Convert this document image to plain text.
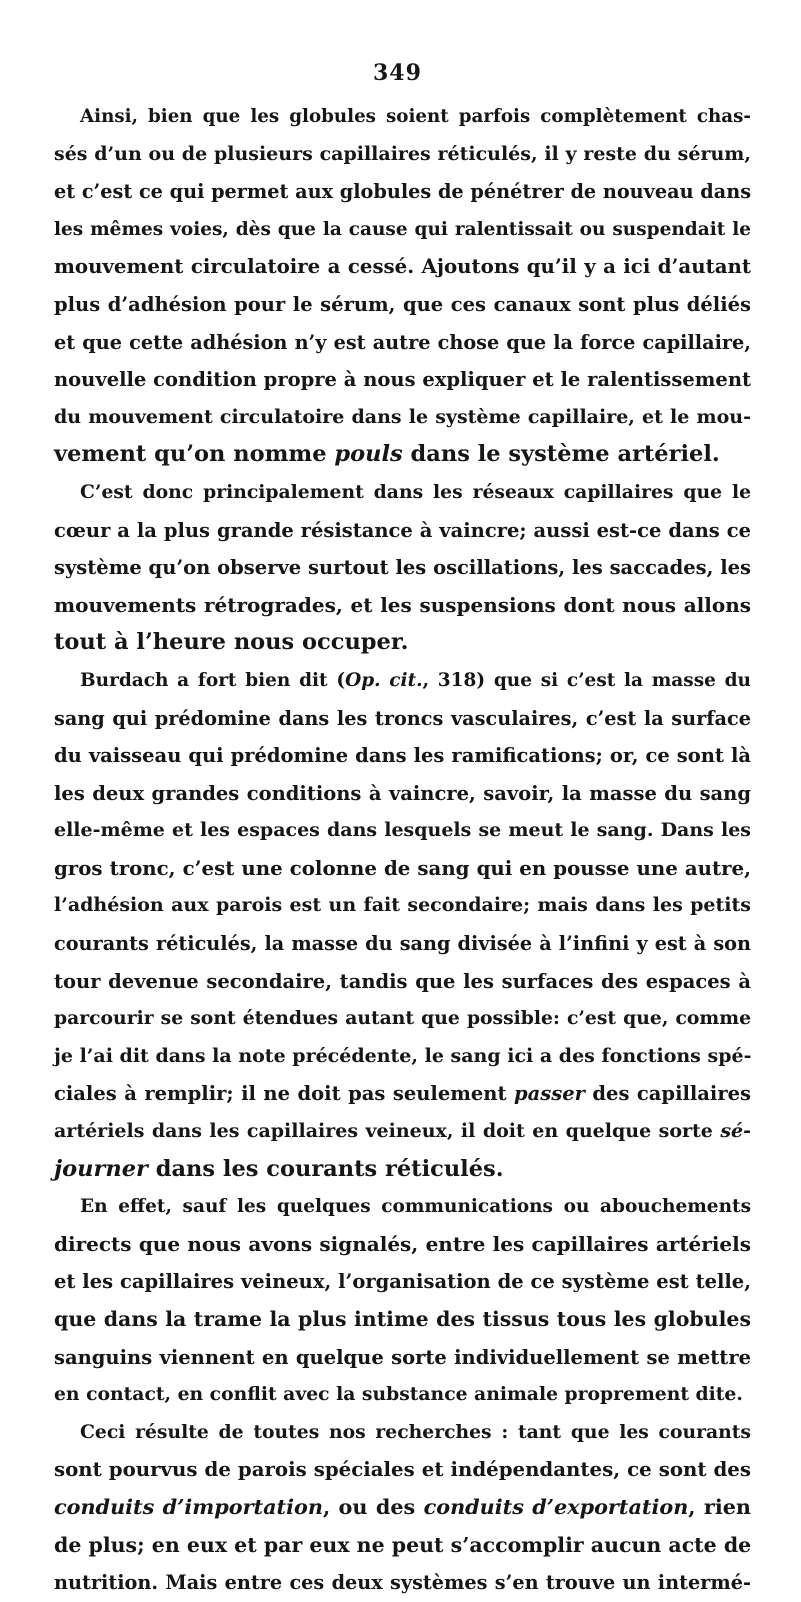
349
Ainsi, bien que les globules soient parfois complètement chas-
sés d’un ou de plusieurs capillaires réticulés, il y reste du sérum,
et c’est ce qui permet aux globules de pénétrer de nouveau dans
les mêmes voies, dès que la cause qui ralentissait ou suspendait le
mouvement circulatoire a cessé. Ajoutons qu’il y a ici d’autant
plus d’adhésion pour le sérum, que ces canaux sont plus déliés
et que cette adhésion n’y est autre chose que la force capillaire,
nouvelle condition propre à nous expliquer et le ralentissement
du mouvement circulatoire dans le système capillaire, et le mou-
vement qu’on nomme pouls dans le système artériel.
C’est donc principalement dans les réseaux capillaires que le
cœur a la plus grande résistance à vaincre; aussi est-ce dans ce
système qu’on observe surtout les oscillations, les saccades, les
mouvements rétrogrades, et les suspensions dont nous allons
tout à l’heure nous occuper.
Burdach a fort bien dit (Op. cit., 318) que si c’est la masse du
sang qui prédomine dans les troncs vasculaires, c’est la surface
du vaisseau qui prédomine dans les ramifications; or, ce sont là
les deux grandes conditions à vaincre, savoir, la masse du sang
elle-même et les espaces dans lesquels se meut le sang. Dans les
gros tronc, c’est une colonne de sang qui en pousse une autre,
l’adhésion aux parois est un fait secondaire; mais dans les petits
courants réticulés, la masse du sang divisée à l’infini y est à son
tour devenue secondaire, tandis que les surfaces des espaces à
parcourir se sont étendues autant que possible: c’est que, comme
je l’ai dit dans la note précédente, le sang ici a des fonctions spé-
ciales à remplir; il ne doit pas seulement passer des capillaires
artériels dans les capillaires veineux, il doit en quelque sorte sé-
journer dans les courants réticulés.
En effet, sauf les quelques communications ou abouchements
directs que nous avons signalés, entre les capillaires artériels
et les capillaires veineux, l’organisation de ce système est telle,
que dans la trame la plus intime des tissus tous les globules
sanguins viennent en quelque sorte individuellement se mettre
en contact, en conflit avec la substance animale proprement dite.
Ceci résulte de toutes nos recherches : tant que les courants
sont pourvus de parois spéciales et indépendantes, ce sont des
conduits d’importation, ou des conduits d’exportation, rien
de plus; en eux et par eux ne peut s’accomplir aucun acte de
nutrition. Mais entre ces deux systèmes s’en trouve un intermé-
